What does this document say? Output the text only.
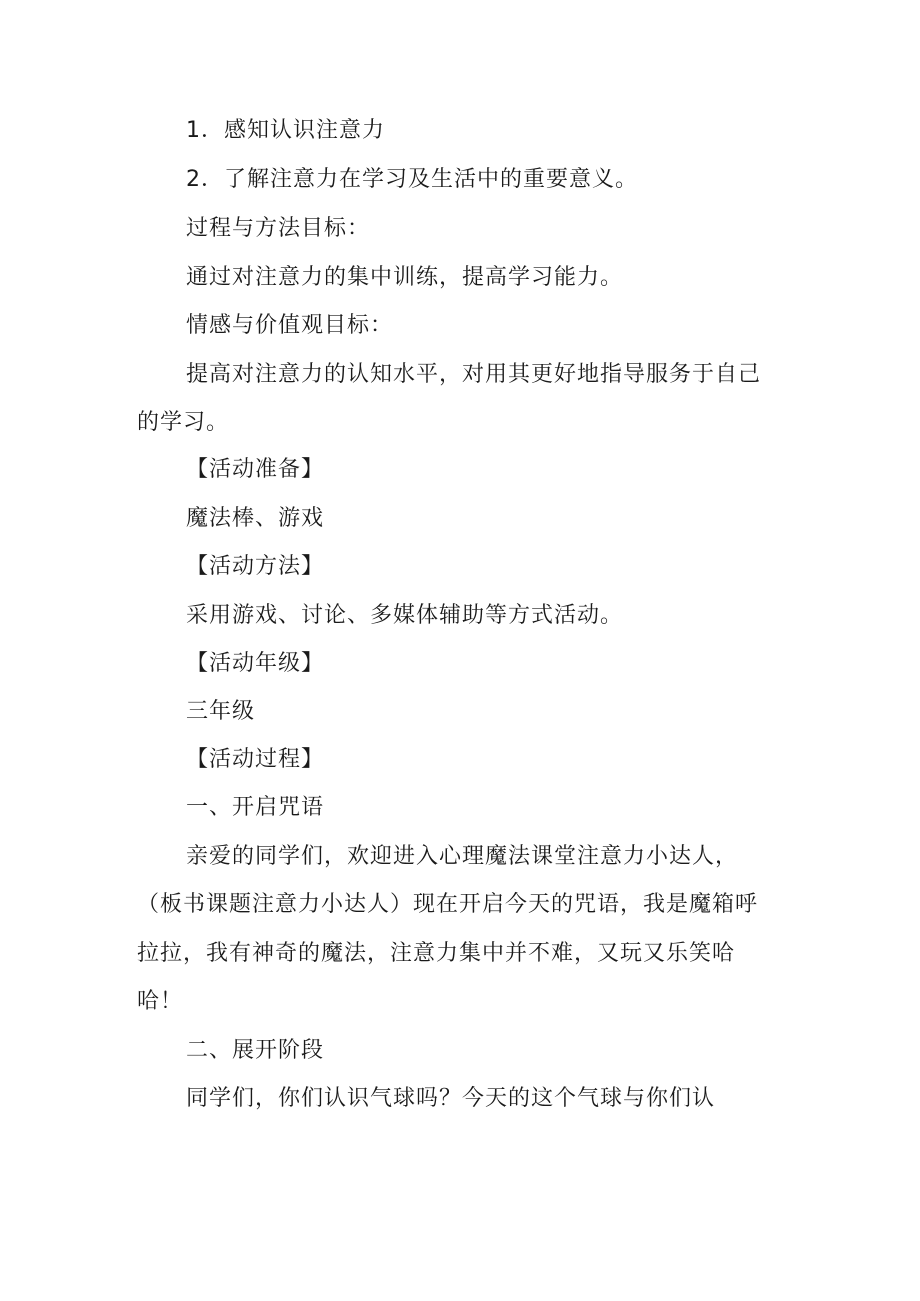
1．感知认识注意力
2．了解注意力在学习及生活中的重要意义。
过程与方法目标：
通过对注意力的集中训练，提高学习能力。
情感与价值观目标：
提高对注意力的认知水平，对用其更好地指导服务于自己
的学习。
【活动准备】
魔法棒、游戏
【活动方法】
采用游戏、讨论、多媒体辅助等方式活动。
【活动年级】
三年级
【活动过程】
一、开启咒语
亲爱的同学们，欢迎进入心理魔法课堂注意力小达人，
（板书课题注意力小达人）现在开启今天的咒语，我是魔箱呼
拉拉，我有神奇的魔法，注意力集中并不难，又玩又乐笑哈
哈！
二、展开阶段
同学们，你们认识气球吗？今天的这个气球与你们认
